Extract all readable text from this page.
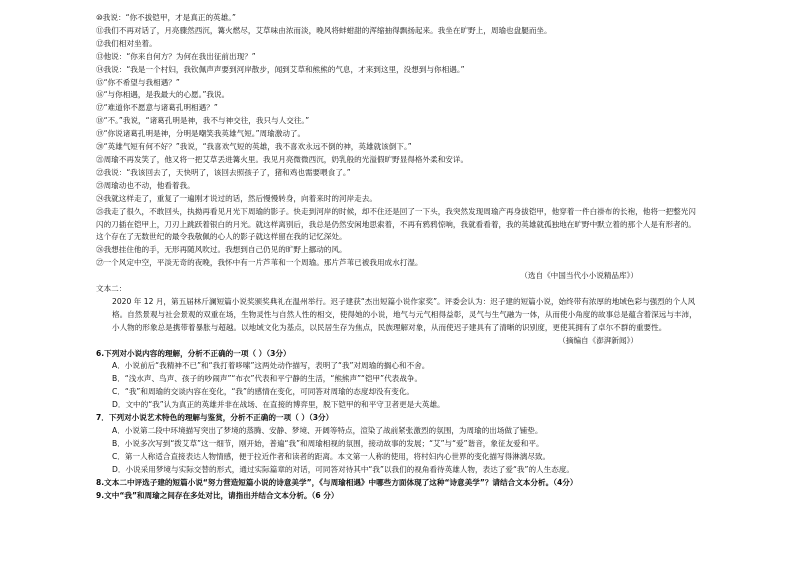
⑩我说：“你不拔铠甲，才是真正的英雄。”
⑪我们不再对话了，月亮骤然西沉，篝火燃尽，艾草味由浓而淡，晚风将蚌蚶甜的浑缩抽得飘扬起来。我坐在旷野上，周瑜也盘腿而坐。
⑫我们相对坐着。
⑬他说：“你来自何方？为何在我出征前出现？”
⑭我说：“我是一个村妇，我钦佩声声要到河岸散步，闻到艾草和熊熊的气息，才来到这里，没想到与你相遇。”
⑮“你不希望与我相遇？”
⑯“与你相遇，是我最大的心愿。”我说。
⑰“难道你不愿意与诸葛孔明相遇？”
⑱“不。”我说，“诸葛孔明是神，我不与神交往，我只与人交往。”
⑲“你说诸葛孔明是神，分明是嘲笑我英雄气短。”周瑜激动了。
⑳“英雄气短有何不好？”我说，“我喜欢气短的英雄，我不喜欢永远不倒的神，英雄就该倒下。”
㉑周瑜不再发笑了，他又将一把艾草丢进篝火里。我见月亮微微西沉，奶乳般的光溢假旷野显得格外柔和安详。
㉒我说：“我该回去了，天快明了，该回去照孩子了，猪和鸡也需要喂食了。”
㉓周瑜动也不动，他看着我。
㉔我就这样走了，重复了一遍刚才说过的话，然后慢慢转身，向着来时的河岸走去。
㉕我走了很久，不敢回头，执拗再看见月光下周瑜的影子。快走到河岸的时候，却不住还是回了一下头，我突然发现周瑜产再身拔铠甲，他穿着一件白褂布的长袍，他将一把整光闪闪的刀插在铠甲上，刀刃上跳跃着银白的月光。就这样离别后，我总是仍然安闲地思索着，不再有鸦鸦惊响，我就看看着，我的英雄就孤独地在旷野中默立着的那个人是有形者的。这个存在了无数世纪的最令我敬佩的心人的影子就这样留在我的记忆深处。
㉖我想挂住他的手，无形再随风吹过。我想到自己仍见的旷野上挪动的风。
㉗一个风定中空，平淡无奇的夜晚，我怀中有一片芦苇和一个周瑜。那片芦苇已被我用成水打湿。
（选自《中国当代小小说精品库》）
文本二：
2020 年 12 月，第五届林斤澜短篇小说奖颁奖典礼在温州举行。迟子建获“杰出短篇小说作家奖”。评委会认为：迟子建的短篇小说，始终带有浓厚的地域色彩与强烈的个人风格。自然景观与社会景观的双重在场，生物灵性与自然人性的相交，使得她的小说，地气与元气相得益彰，灵气与生气融为一体，从而使小角度的故事总是蕴含着深远与丰沛，小人物的形象总是携带着暴胀与超越。以地域文化为基点，以民居生存为焦点，民族理解对象，从而使迟子建具有了清晰的识别度，更使其拥有了卓尔不群的重要性。
（摘编自《澎湃新闻》）
6.下列对小说内容的理解，分析不正确的一项（ ）（3分）
A．小说前后“我精神不已”和“我打着哆嗦”这两处动作描写，表明了“我”对周瑜的搁心和不舍。
B．“浅水声、鸟声、孩子的吵闹声”“布衣”代表和平宁静的生活，“熊熊声”“铠甲”代表战争。
C．“我”和周瑜的交谈内容在变化，“我”的感情在变化，可同答对周瑜的态度却没有变化。
D．文中的“我”认为真正的英雄并非在战场、在直接的博弈里，脱下铠甲的和平守卫者更是大英雄。
7．下列对小说艺术特色的理解与鉴赏，分析不正确的一项（ ）（3分）
A．小说第二段中环境描写突出了梦境的蒸腾、安静、梦境、开阔等特点，渲染了战前紧张激烈的氛围，为周瑜的出场做了铺垫。
B．小说多次写到“拨艾草”这一细节，刚开始，普遍“我”和周瑜相视的氛围，接动故事的发展；“艾”与“爱”谐音，象征友爱和平。
C．第一人称适合直接表达人物情感，便于拉近作者和读者的距离。本文第一人称的使用，将村妇内心世界的变化描写得淋漓尽致。
D．小说采用梦境与实际交替的形式，通过实际篇章的对话，可同答对待其中“我”以我们的视角看待英雄人物，表达了爱“我”的人生态度。
8.文本二中评选子建的短篇小说“努力营造短篇小说的诗意美学”，《与周瑜相遇》中哪些方面体现了这种“诗意美学”？请结合文本分析。（4分）
9.文中“我”和周瑜之间存在多处对比，请指出并结合文本分析。（6 分）
